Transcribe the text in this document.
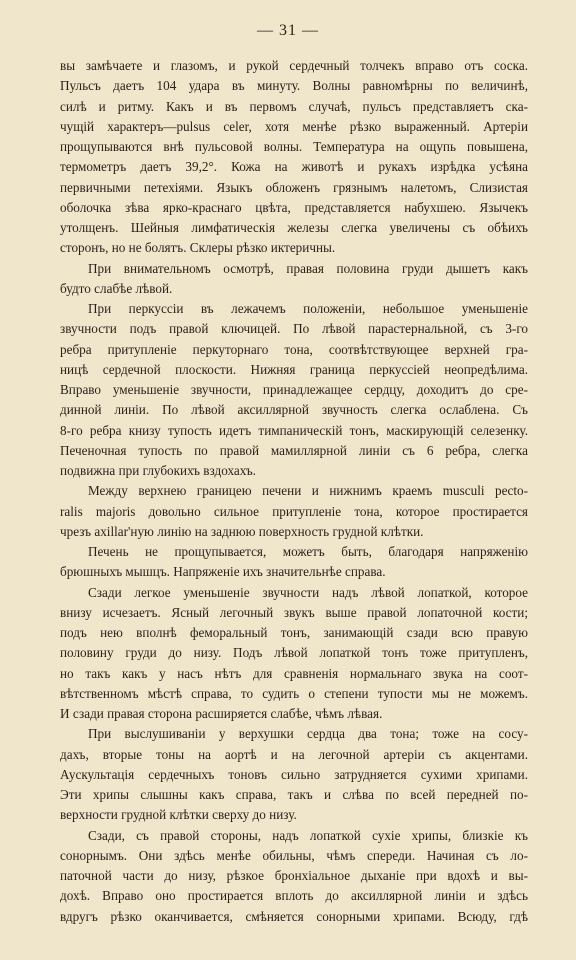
— 31 —
вы замѣчаете и глазомъ, и рукой сердечный толчекъ вправо отъ соска.
Пульсъ даетъ 104 удара въ минуту. Волны равномѣрны по величинѣ,
силѣ и ритму. Какъ и въ первомъ случаѣ, пульсъ представляетъ ска-
чущій характеръ—pulsus celer, хотя менѣе рѣзко выраженный. Артеріи
прощупываются внѣ пульсовой волны. Температура на ощупь повышена,
термометръ даетъ 39,2°. Кожа на животѣ и рукахъ изрѣдка усѣяна
первичными петехіями. Языкъ обложенъ грязнымъ налетомъ, Слизистая
оболочка зѣва ярко-краснаго цвѣта, представляется набухшею. Язычекъ
утолщенъ. Шейныя лимфатическія железы слегка увеличены съ обѣихъ
сторонъ, но не болятъ. Склеры рѣзко иктеричны.
При внимательномъ осмотрѣ, правая половина груди дышетъ какъ
будто слабѣе лѣвой.
При перкуссіи въ лежачемъ положеніи, небольшое уменьшеніе
звучности подъ правой ключицей. По лѣвой парастернальной, съ 3-го
ребра притупленіе перкуторнаго тона, соотвѣтствующее верхней гра-
ницѣ сердечной плоскости. Нижняя граница перкуссіей неопредѣлима.
Вправо уменьшеніе звучности, принадлежащее сердцу, доходитъ до сре-
динной линіи. По лѣвой аксиллярной звучность слегка ослаблена. Съ
8-го ребра книзу тупость идетъ тимпаническій тонъ, маскирующій селезенку.
Печеночная тупость по правой мамиллярной линіи съ 6 ребра, слегка
подвижна при глубокихъ вздохахъ.
Между верхнею границею печени и нижнимъ краемъ musculi pecto-
ralis majoris довольно сильное притупленіе тона, которое простирается
чрезъ axillar'ную линію на заднюю поверхность грудной клѣтки.
Печень не прощупывается, можетъ быть, благодаря напряженію
брюшныхъ мышцъ. Напряженіе ихъ значительнѣе справа.
Сзади легкое уменьшеніе звучности надъ лѣвой лопаткой, которое
внизу исчезаетъ. Ясный легочный звукъ выше правой лопаточной кости;
подъ нею вполнѣ феморальный тонъ, занимающій сзади всю правую
половину груди до низу. Подъ лѣвой лопаткой тонъ тоже притупленъ,
но такъ какъ у насъ нѣтъ для сравненія нормальнаго звука на соот-
вѣтственномъ мѣстѣ справа, то судить о степени тупости мы не можемъ.
И сзади правая сторона расширяется слабѣе, чѣмъ лѣвая.
При выслушиваніи у верхушки сердца два тона; тоже на сосу-
дахъ, вторые тоны на аортѣ и на легочной артеріи съ акцентами.
Аускультація сердечныхъ тоновъ сильно затрудняется сухими хрипами.
Эти хрипы слышны какъ справа, такъ и слѣва по всей передней по-
верхности грудной клѣтки сверху до низу.
Сзади, съ правой стороны, надъ лопаткой сухіе хрипы, близкіе къ
сонорнымъ. Они здѣсь менѣе обильны, чѣмъ спереди. Начиная съ ло-
паточной части до низу, рѣзкое бронхіальное дыханіе при вдохѣ и вы-
дохѣ. Вправо оно простирается вплоть до аксиллярной линіи и здѣсь
вдругъ рѣзко оканчивается, смѣняется сонорными хрипами. Всюду, гдѣ
